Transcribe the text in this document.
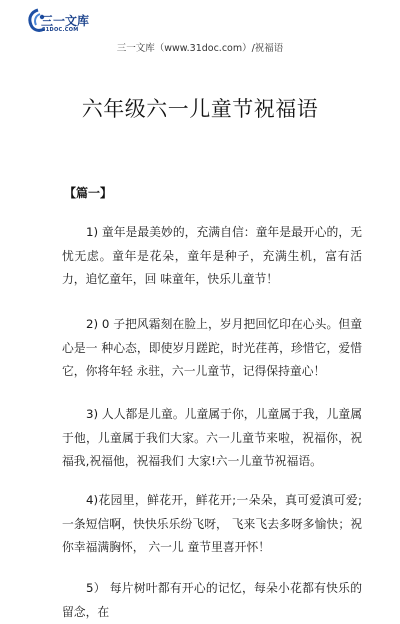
三一文库
31DOC.COM
三一文库（www.31doc.com）/祝福语
六年级六一儿童节祝福语
【篇一】

1) 童年是最美妙的，充满自信：童年是最开心的，无忧无虑。童年是花朵，童年是种子，充满生机，富有活力，追忆童年，回 味童年，快乐儿童节！

2) 0 子把风霜刻在脸上，岁月把回忆印在心头。但童心是一 种心态，即使岁月蹉跎，时光荏苒，珍惜它，爱惜它，你将年轻 永驻，六一儿童节，记得保持童心！

3) 人人都是儿童。儿童属于你，儿童属于我，儿童属于他，儿童属于我们大家。六一儿童节来啦，祝福你，祝福我,祝福他，祝福我们 大家!六一儿童节祝福语。

4)花园里，鲜花开，鲜花开;一朵朵，真可爱滇可爱;一条短信啊，快快乐乐纷飞呀， 飞来飞去多呀多愉快；祝你幸福满胸怀， 六一儿 童节里喜开怀！

5） 每片树叶都有开心的记忆，每朵小花都有快乐的留念，在
